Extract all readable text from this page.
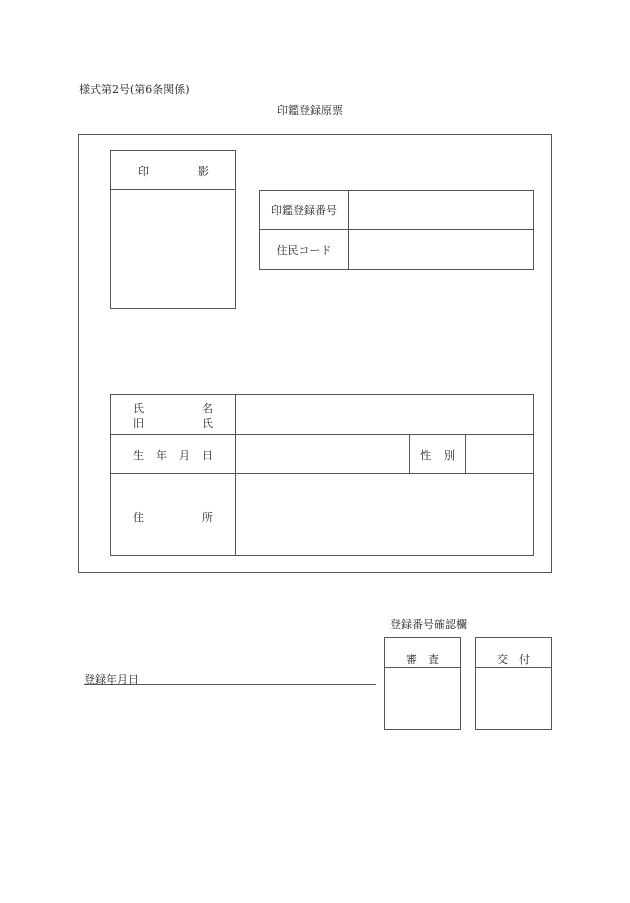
様式第2号(第6条関係)
印鑑登録原票
印	影
印鑑登録番号
住民コード
氏	名
旧	氏
生 年 月 日	性 別
住	所
登録番号確認欄
審 査	交 付
登録年月日
